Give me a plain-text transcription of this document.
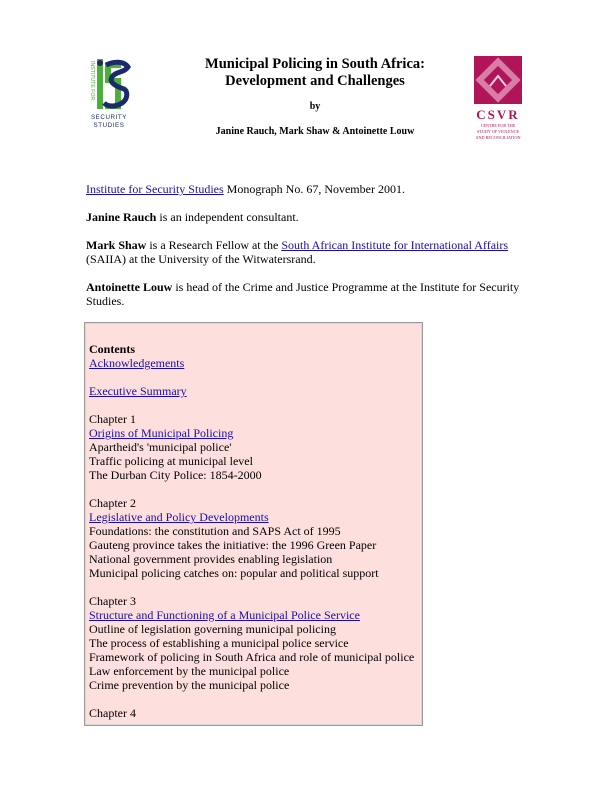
INSTITUTE FOR
SECURITY
STUDIES

Municipal Policing in South Africa:
Development and Challenges

by
Janine Rauch, Mark Shaw & Antoinette Louw
CSVR
CENTRE FOR THE
STUDY OF VIOLENCE
AND RECONCILIATION

Institute for Security Studies Monograph No. 67, November 2001.

Janine Rauch is an independent consultant.

Mark Shaw is a Research Fellow at the South African Institute for International Affairs
(SAIIA) at the University of the Witwatersrand.

Antoinette Louw is head of the Crime and Justice Programme at the Institute for Security Studies.

Contents

Acknowledgements
Executive Summary
Chapter 1
Origins of Municipal Policing
Apartheid's 'municipal police'
Traffic policing at municipal level
The Durban City Police: 1854-2000
Chapter 2
Legislative and Policy Developments
Foundations: the constitution and SAPS Act of 1995
Gauteng province takes the initiative: the 1996 Green Paper
National government provides enabling legislation
Municipal policing catches on: popular and political support
Chapter 3
Structure and Functioning of a Municipal Police Service
Outline of legislation governing municipal policing
The process of establishing a municipal police service
Framework of policing in South Africa and role of municipal police
Law enforcement by the municipal police
Crime prevention by the municipal police
Chapter 4
